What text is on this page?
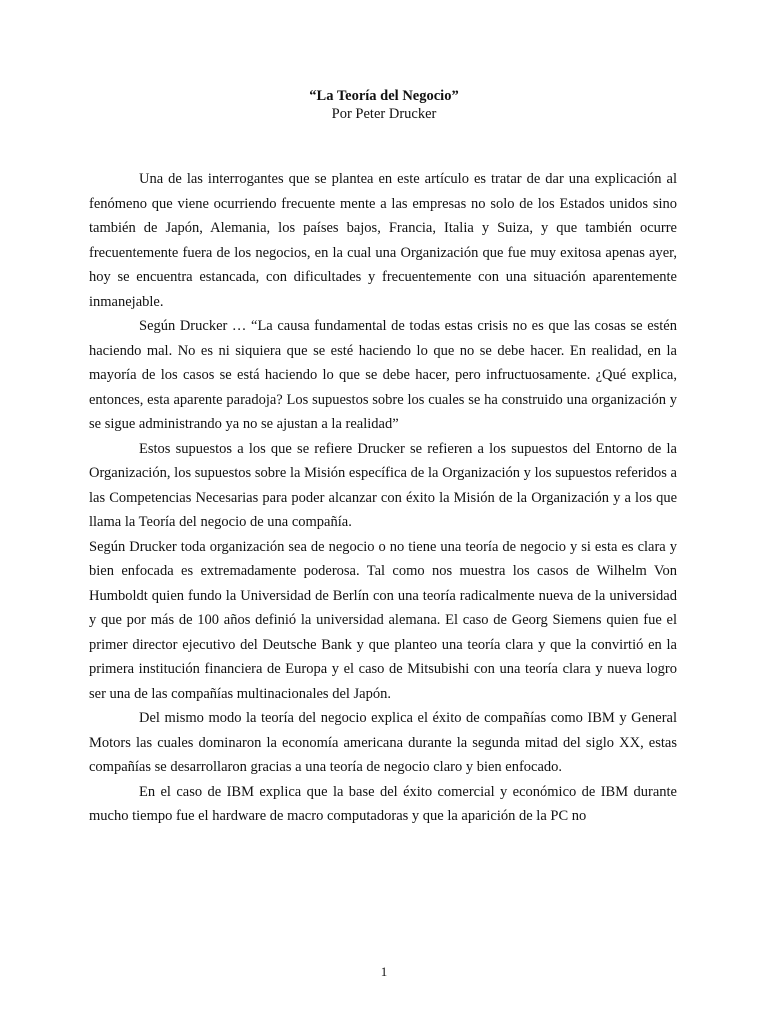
“La Teoría del Negocio”
Por Peter Drucker

Una de las interrogantes que se plantea en este artículo es tratar de dar una explicación al fenómeno que viene ocurriendo frecuente mente a las empresas no solo de los Estados unidos sino también de Japón, Alemania, los países bajos, Francia, Italia y Suiza, y que también ocurre frecuentemente fuera de los negocios, en la cual una Organización que fue muy exitosa apenas ayer, hoy se encuentra estancada, con dificultades y frecuentemente con una situación aparentemente inmanejable.

Según Drucker … “La causa fundamental de todas estas crisis no es que las cosas se estén haciendo mal. No es ni siquiera que se esté haciendo lo que no se debe hacer. En realidad, en la mayoría de los casos se está haciendo lo que se debe hacer, pero infructuosamente. ¿Qué explica, entonces, esta aparente paradoja? Los supuestos sobre los cuales se ha construido una organización y se sigue administrando ya no se ajustan a la realidad”

Estos supuestos a los que se refiere Drucker se refieren a los supuestos del Entorno de la Organización, los supuestos sobre la Misión específica de la Organización y los supuestos referidos a las Competencias Necesarias para poder alcanzar con éxito la Misión de la Organización y a los que llama la Teoría del negocio de una compañía.

Según Drucker toda organización sea de negocio o no tiene una teoría de negocio y si esta es clara y bien enfocada es extremadamente poderosa. Tal como nos muestra los casos de Wilhelm Von Humboldt quien fundo la Universidad de Berlín con una teoría radicalmente nueva de la universidad y que por más de 100 años definió la universidad alemana. El caso de Georg Siemens quien fue el primer director ejecutivo del Deutsche Bank y que planteo una teoría clara y que la convirtió en la primera institución financiera de Europa y el caso de Mitsubishi con una teoría clara y nueva logro ser una de las compañías multinacionales del Japón.

Del mismo modo la teoría del negocio explica el éxito de compañías como IBM y General Motors las cuales dominaron la economía americana durante la segunda mitad del siglo XX, estas compañías se desarrollaron gracias a una teoría de negocio claro y bien enfocado.

En el caso de IBM explica que la base del éxito comercial y económico de IBM durante mucho tiempo fue el hardware de macro computadoras y que la aparición de la PC no

1
